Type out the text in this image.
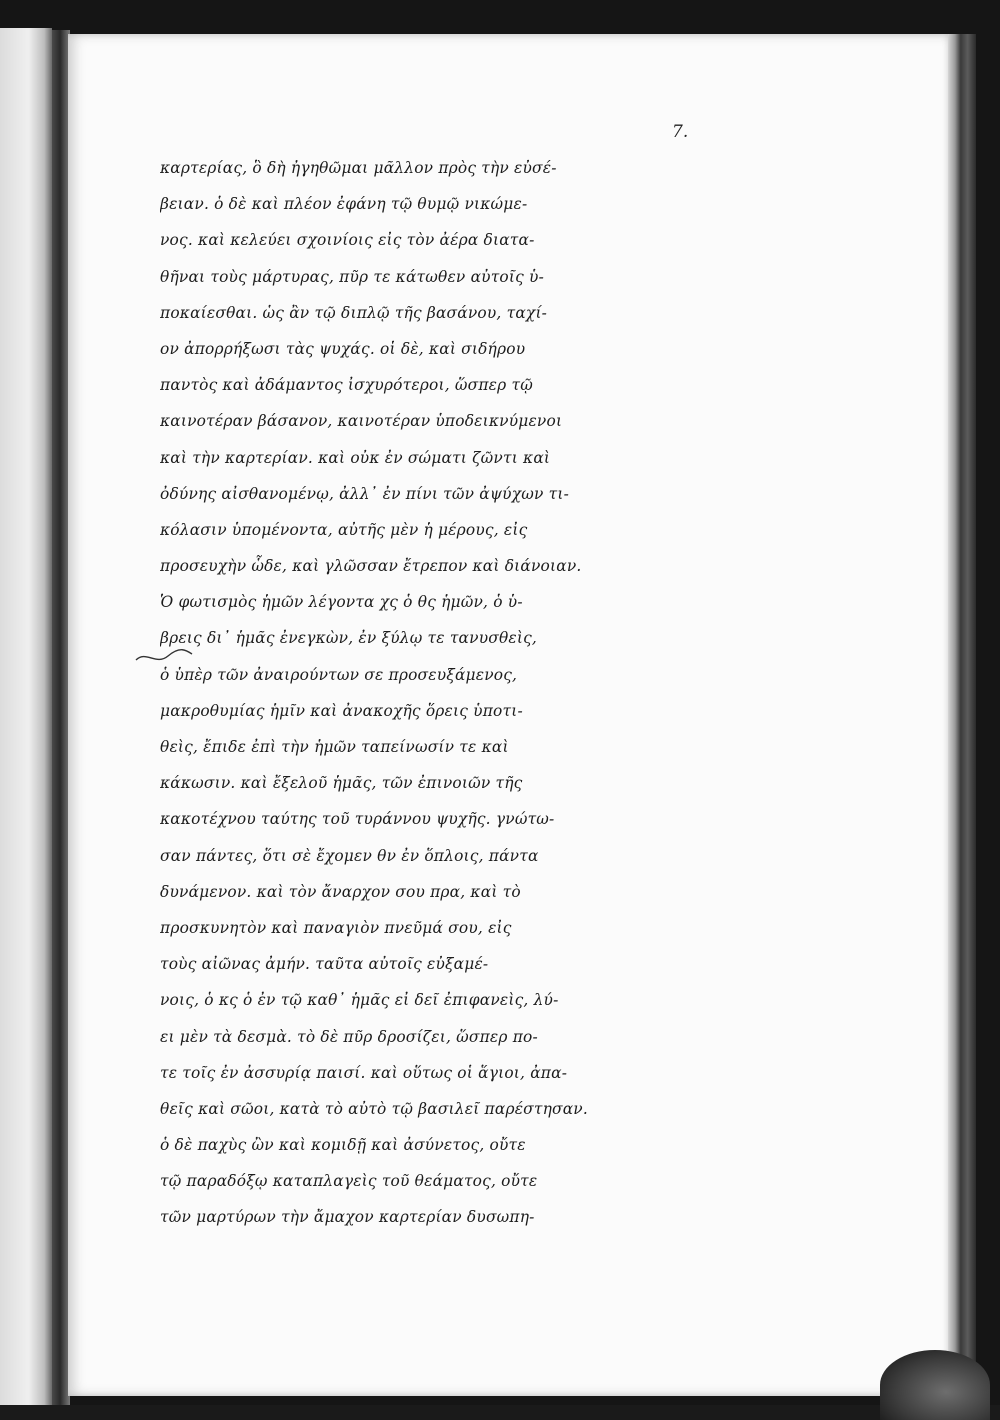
7.
καρτερίας, ὃ δὴ ἠγηθῶμαι μᾶλλον πρὸς τὴν εὐσέ-
βειαν. ὁ δὲ καὶ πλέον ἐφάνη τῷ θυμῷ νικώμε-
νος. καὶ κελεύει σχοινίοις εἰς τὸν ἀέρα διατα-
θῆναι τοὺς μάρτυρας, πῦρ τε κάτωθεν αὐτοῖς ὑ-
ποκαίεσθαι. ὡς ἂν τῷ διπλῷ τῆς βασάνου, ταχί-
ον ἀπορρήξωσι τὰς ψυχάς. οἱ δὲ, καὶ σιδήρου
παντὸς καὶ ἀδάμαντος ἰσχυρότεροι, ὥσπερ τῷ
καινοτέραν βάσανον, καινοτέραν ὑποδεικνύμενοι
καὶ τὴν καρτερίαν. καὶ οὐκ ἐν σώματι ζῶντι καὶ
ὀδύνης αἰσθανομένῳ, ἀλλ᾽ ἐν πίνι τῶν ἀψύχων τι-
κόλασιν ὑπομένοντα, αὐτῆς μὲν ἡ μέρους, εἰς
προσευχὴν ὧδε, καὶ γλῶσσαν ἔτρεπον καὶ διάνοιαν.
Ὁ φωτισμὸς ἡμῶν λέγοντα χς ὁ θς ἡμῶν, ὁ ὑ-
βρεις δι᾽ ἡμᾶς ἐνεγκὼν, ἐν ξύλῳ τε τανυσθεὶς,
ὁ ὑπὲρ τῶν ἀναιρούντων σε προσευξάμενος,
μακροθυμίας ἡμῖν καὶ ἀνακοχῆς ὅρεις ὑποτι-
θεὶς, ἔπιδε ἐπὶ τὴν ἡμῶν ταπείνωσίν τε καὶ
κάκωσιν. καὶ ἔξελοῦ ἡμᾶς, τῶν ἐπινοιῶν τῆς
κακοτέχνου ταύτης τοῦ τυράννου ψυχῆς. γνώτω-
σαν πάντες, ὅτι σὲ ἔχομεν θν ἐν ὅπλοις, πάντα
δυνάμενον. καὶ τὸν ἄναρχον σου πρα, καὶ τὸ
προσκυνητὸν καὶ παναγιὸν πνεῦμά σου, εἰς
τοὺς αἰῶνας ἀμήν. ταῦτα αὐτοῖς εὐξαμέ-
νοις, ὁ κς ὁ ἐν τῷ καθ᾽ ἡμᾶς εἰ δεῖ ἐπιφανεὶς, λύ-
ει μὲν τὰ δεσμὰ. τὸ δὲ πῦρ δροσίζει, ὥσπερ πο-
τε τοῖς ἐν ἀσσυρίᾳ παισί. καὶ οὕτως οἱ ἅγιοι, ἀπα-
θεῖς καὶ σῶοι, κατὰ τὸ αὐτὸ τῷ βασιλεῖ παρέστησαν.
ὁ δὲ παχὺς ὢν καὶ κομιδῇ καὶ ἀσύνετος, οὔτε
τῷ παραδόξῳ καταπλαγεὶς τοῦ θεάματος, οὔτε
τῶν μαρτύρων τὴν ἄμαχον καρτερίαν δυσωπη-
